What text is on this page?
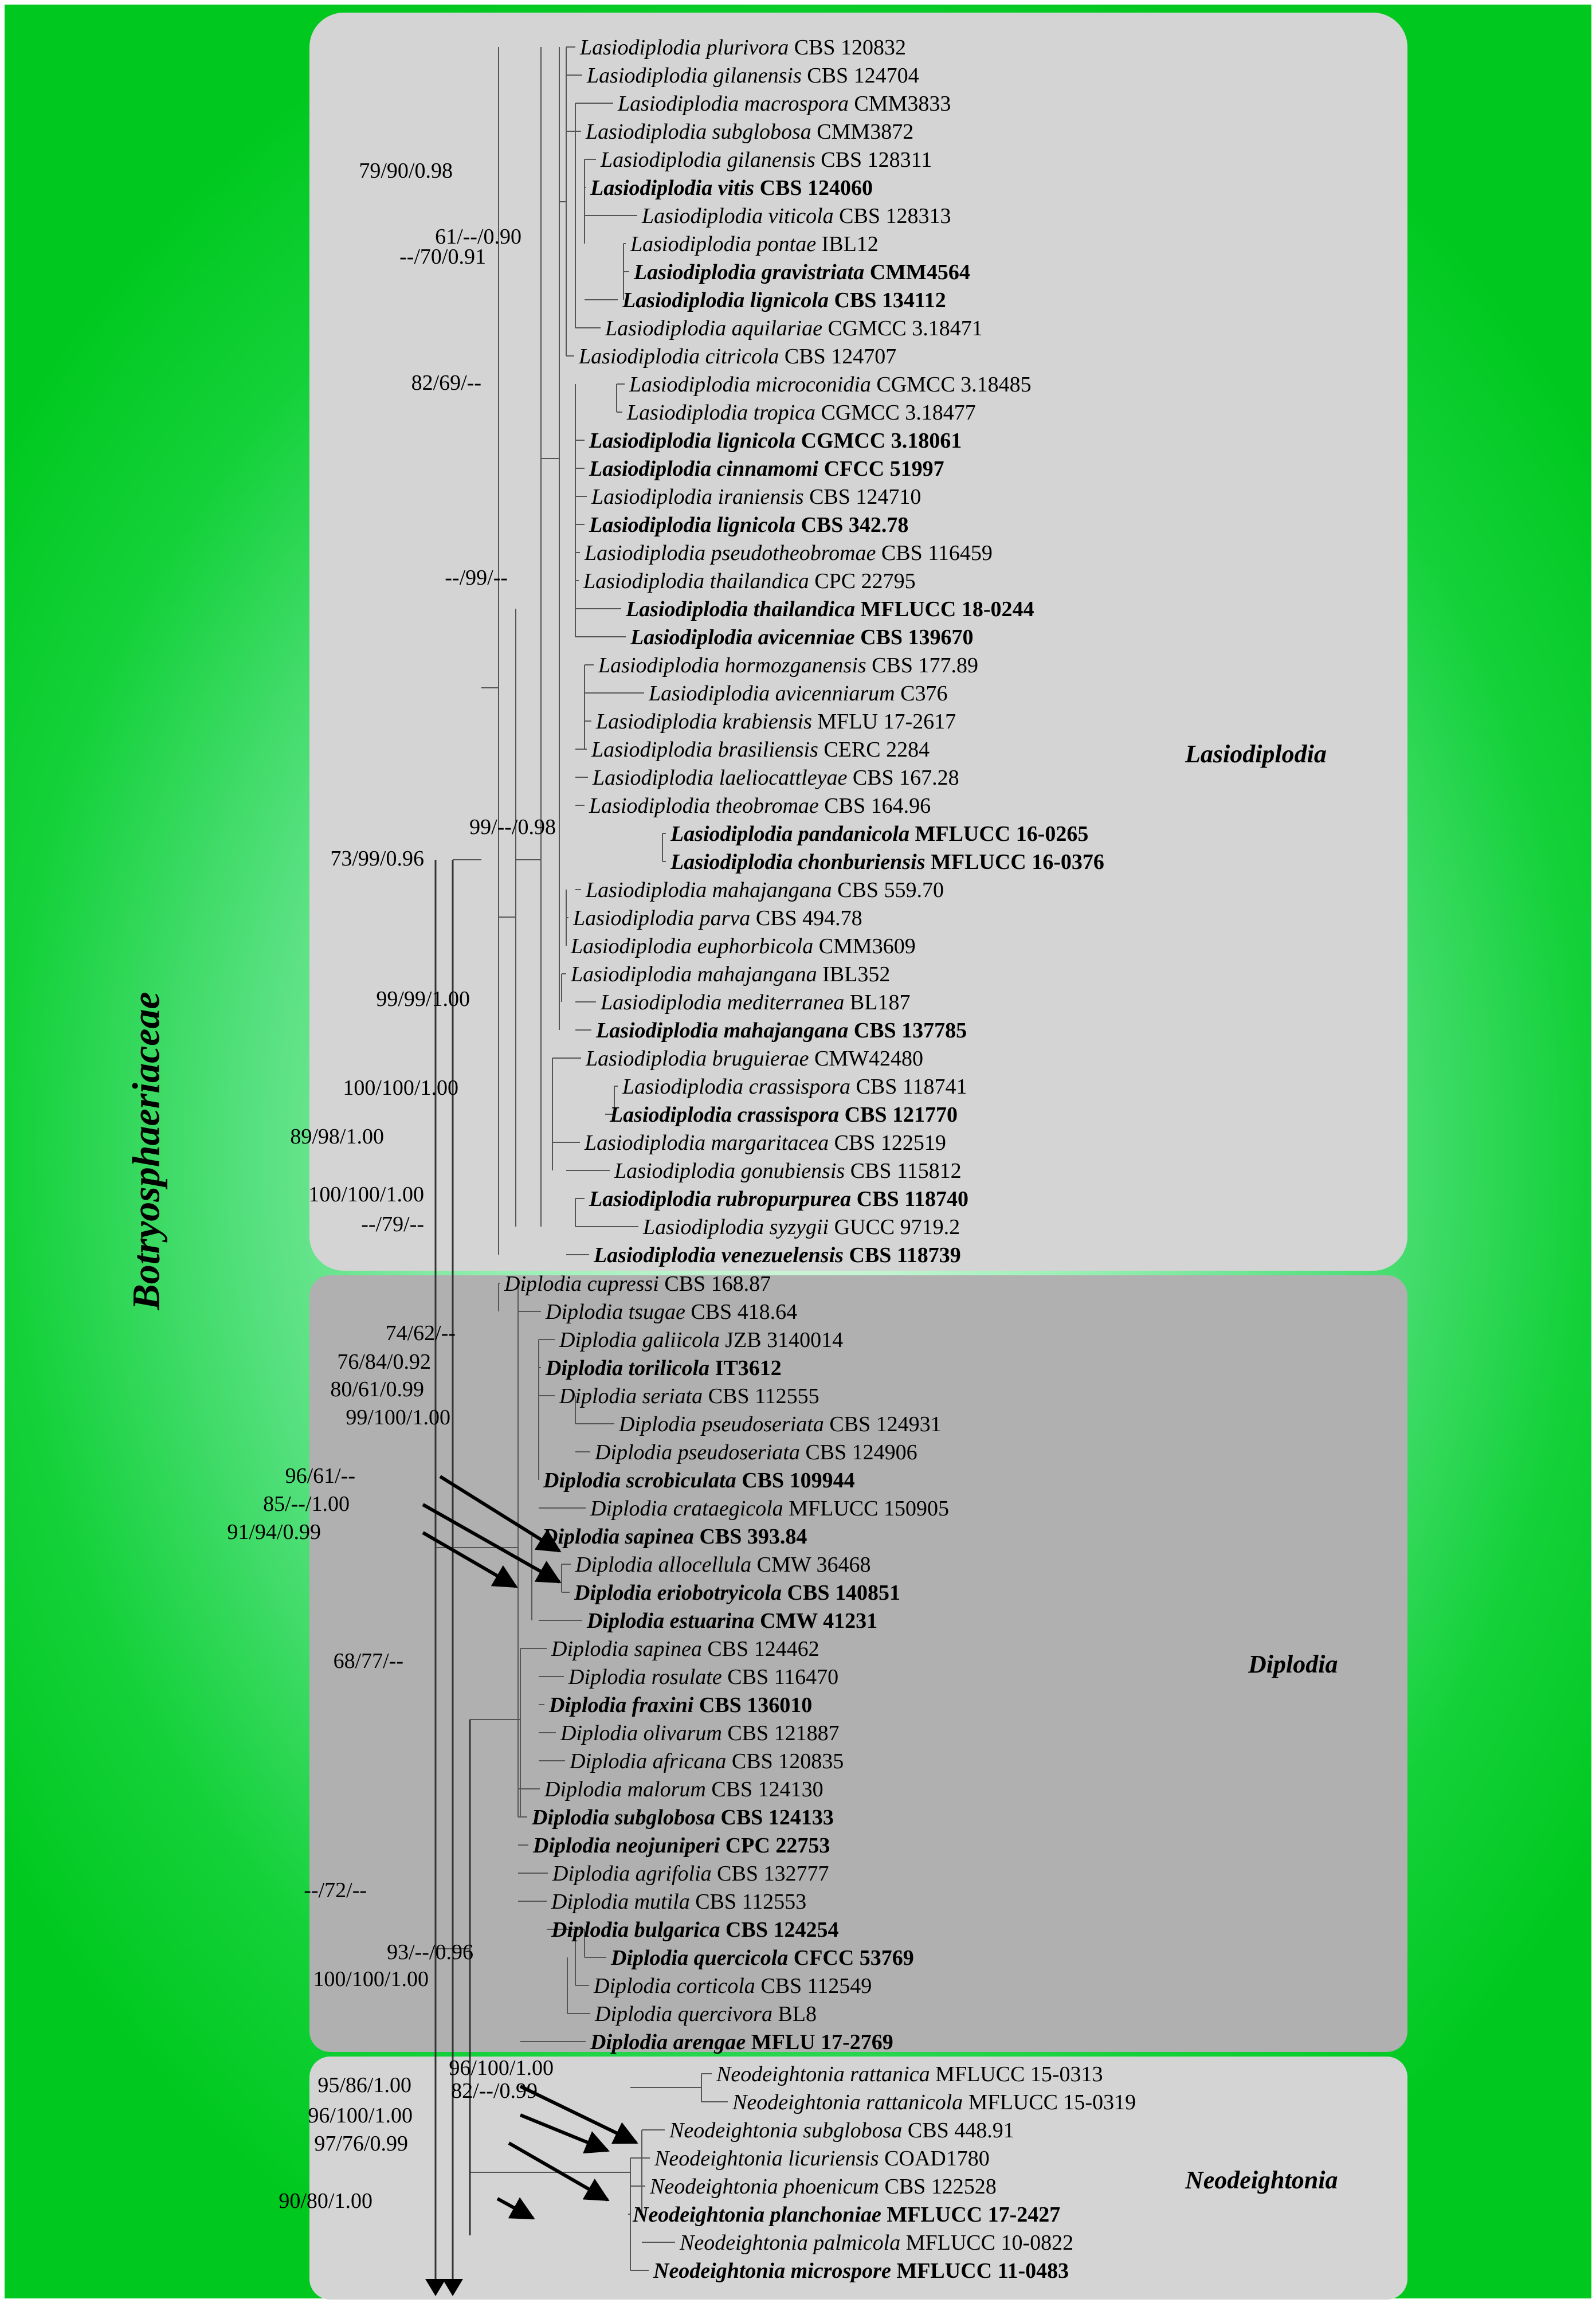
Botryosphaeriaceae
Lasiodiplodia
Diplodia
Neodeightonia
Lasiodiplodia plurivora CBS 120832
Lasiodiplodia gilanensis CBS 124704
Lasiodiplodia macrospora CMM3833
Lasiodiplodia subglobosa CMM3872
Lasiodiplodia gilanensis CBS 128311
Lasiodiplodia vitis CBS 124060
Lasiodiplodia viticola CBS 128313
Lasiodiplodia pontae IBL12
Lasiodiplodia gravistriata CMM4564
Lasiodiplodia lignicola CBS 134112
Lasiodiplodia aquilariae CGMCC 3.18471
Lasiodiplodia citricola CBS 124707
Lasiodiplodia microconidia CGMCC 3.18485
Lasiodiplodia tropica CGMCC 3.18477
Lasiodiplodia lignicola CGMCC 3.18061
Lasiodiplodia cinnamomi CFCC 51997
Lasiodiplodia iraniensis CBS 124710
Lasiodiplodia lignicola CBS 342.78
Lasiodiplodia pseudotheobromae CBS 116459
Lasiodiplodia thailandica CPC 22795
Lasiodiplodia thailandica MFLUCC 18-0244
Lasiodiplodia avicenniae CBS 139670
Lasiodiplodia hormozganensis CBS 177.89
Lasiodiplodia avicenniarum C376
Lasiodiplodia krabiensis MFLU 17-2617
Lasiodiplodia brasiliensis CERC 2284
Lasiodiplodia laeliocattleyae CBS 167.28
Lasiodiplodia theobromae CBS 164.96
Lasiodiplodia pandanicola MFLUCC 16-0265
Lasiodiplodia chonburiensis MFLUCC 16-0376
Lasiodiplodia mahajangana CBS 559.70
Lasiodiplodia parva CBS 494.78
Lasiodiplodia euphorbicola CMM3609
Lasiodiplodia mahajangana IBL352
Lasiodiplodia mediterranea BL187
Lasiodiplodia mahajangana CBS 137785
Lasiodiplodia bruguierae CMW42480
Lasiodiplodia crassispora CBS 118741
Lasiodiplodia crassispora CBS 121770
Lasiodiplodia margaritacea CBS 122519
Lasiodiplodia gonubiensis CBS 115812
Lasiodiplodia rubropurpurea CBS 118740
Lasiodiplodia syzygii GUCC 9719.2
Lasiodiplodia venezuelensis CBS 118739
Diplodia cupressi CBS 168.87
Diplodia tsugae CBS 418.64
Diplodia galiicola JZB 3140014
Diplodia torilicola IT3612
Diplodia seriata CBS 112555
Diplodia pseudoseriata CBS 124931
Diplodia pseudoseriata CBS 124906
Diplodia scrobiculata CBS 109944
Diplodia crataegicola MFLUCC 150905
Diplodia sapinea CBS 393.84
Diplodia allocellula CMW 36468
Diplodia eriobotryicola CBS 140851
Diplodia estuarina CMW 41231
Diplodia sapinea CBS 124462
Diplodia rosulate CBS 116470
Diplodia fraxini CBS 136010
Diplodia olivarum CBS 121887
Diplodia africana CBS 120835
Diplodia malorum CBS 124130
Diplodia subglobosa CBS 124133
Diplodia neojuniperi CPC 22753
Diplodia agrifolia CBS 132777
Diplodia mutila CBS 112553
Diplodia bulgarica CBS 124254
Diplodia quercicola CFCC 53769
Diplodia corticola CBS 112549
Diplodia quercivora BL8
Diplodia arengae MFLU 17-2769
Neodeightonia rattanica MFLUCC 15-0313
Neodeightonia rattanicola MFLUCC 15-0319
Neodeightonia subglobosa CBS 448.91
Neodeightonia licuriensis COAD1780
Neodeightonia phoenicum CBS 122528
Neodeightonia planchoniae MFLUCC 17-2427
Neodeightonia palmicola MFLUCC 10-0822
Neodeightonia microspore MFLUCC 11-0483
79/90/0.98
61/--/0.90
--/70/0.91
82/69/--
--/99/--
99/--/0.98
73/99/0.96
99/99/1.00
100/100/1.00
89/98/1.00
100/100/1.00
--/79/--
74/62/--
76/84/0.92
80/61/0.99
99/100/1.00
96/61/--
85/--/1.00
91/94/0.99
68/77/--
--/72/--
93/--/0.96
100/100/1.00
96/100/1.00
82/--/0.99
95/86/1.00
96/100/1.00
97/76/0.99
90/80/1.00
